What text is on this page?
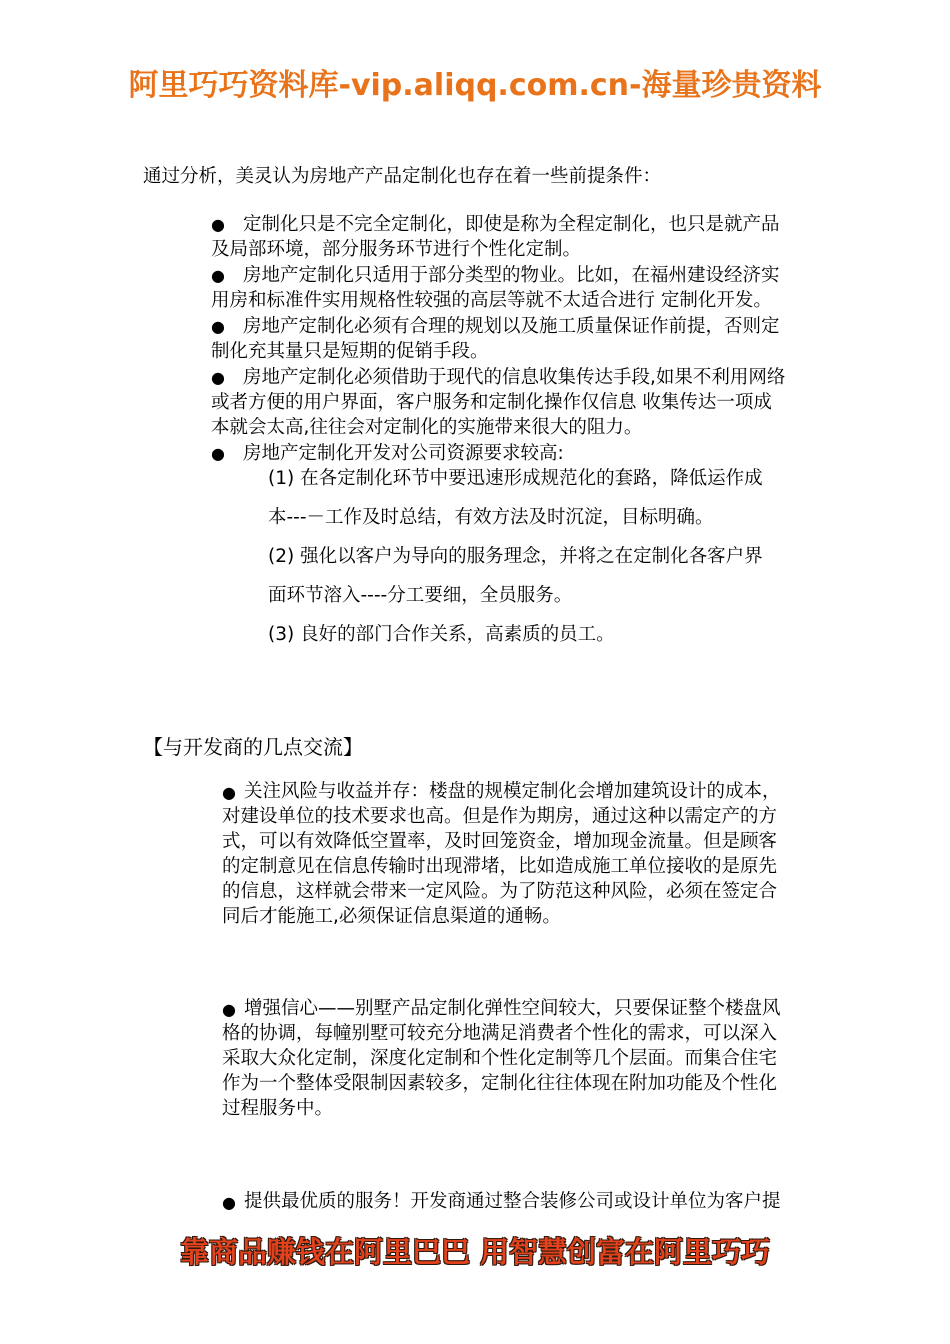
阿里巧巧资料库-vip.aliqq.com.cn-海量珍贵资料
通过分析，美灵认为房地产产品定制化也存在着一些前提条件：
● 定制化只是不完全定制化，即使是称为全程定制化，也只是就产品
及局部环境，部分服务环节进行个性化定制。
● 房地产定制化只适用于部分类型的物业。比如，在福州建设经济实
用房和标准件实用规格性较强的高层等就不太适合进行 定制化开发。
● 房地产定制化必须有合理的规划以及施工质量保证作前提，否则定
制化充其量只是短期的促销手段。
● 房地产定制化必须借助于现代的信息收集传达手段,如果不利用网络
或者方便的用户界面，客户服务和定制化操作仅信息 收集传达一项成
本就会太高,往往会对定制化的实施带来很大的阻力。
● 房地产定制化开发对公司资源要求较高:
(1) 在各定制化环节中要迅速形成规范化的套路，降低运作成
本---－工作及时总结，有效方法及时沉淀，目标明确。
(2) 强化以客户为导向的服务理念，并将之在定制化各客户界
面环节溶入----分工要细，全员服务。
(3) 良好的部门合作关系，高素质的员工。
【与开发商的几点交流】
● 关注风险与收益并存：楼盘的规模定制化会增加建筑设计的成本，
对建设单位的技术要求也高。但是作为期房，通过这种以需定产的方
式，可以有效降低空置率，及时回笼资金，增加现金流量。但是顾客
的定制意见在信息传输时出现滞堵，比如造成施工单位接收的是原先
的信息，这样就会带来一定风险。为了防范这种风险，必须在签定合
同后才能施工,必须保证信息渠道的通畅。
● 增强信心——别墅产品定制化弹性空间较大，只要保证整个楼盘风
格的协调，每幢别墅可较充分地满足消费者个性化的需求，可以深入
采取大众化定制，深度化定制和个性化定制等几个层面。而集合住宅
作为一个整体受限制因素较多，定制化往往体现在附加功能及个性化
过程服务中。
● 提供最优质的服务！开发商通过整合装修公司或设计单位为客户提
靠商品赚钱在阿里巴巴 用智慧创富在阿里巧巧
